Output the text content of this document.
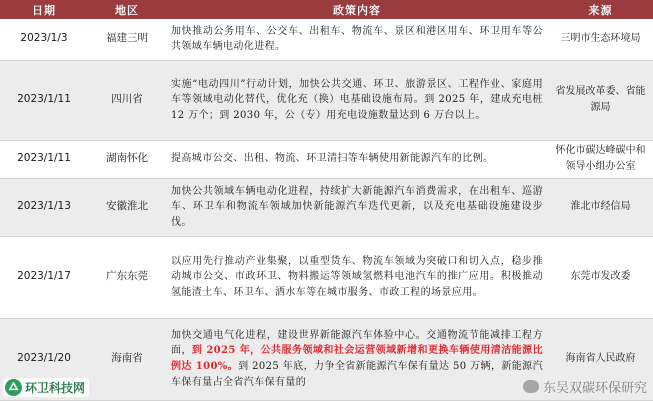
日期	地区	政策内容	来源
2023/1/3	福建三明	加快推动公务用车、公交车、出租车、物流车、景区和港区用车、环卫用车等公共领域车辆电动化进程。	三明市生态环境局
2023/1/11	四川省	实施“电动四川”行动计划，加快公共交通、环卫、旅游景区、工程作业、家庭用车等领域电动化替代，优化充（换）电基础设施布局。到 2025 年，建成充电桩 12 万个；到 2030 年，公（专）用充电设施数量达到 6 万台以上。	省发展改革委、省能源局
2023/1/11	湖南怀化	提高城市公交、出租、物流、环卫清扫等车辆使用新能源汽车的比例。	怀化市碳达峰碳中和领导小组办公室
2023/1/13	安徽淮北	加快公共领域车辆电动化进程，持续扩大新能源汽车消费需求，在出租车、巡游车、环卫车和物流车领域加快新能源汽车迭代更新，以及充电基础设施建设步伐。	淮北市经信局
2023/1/17	广东东莞	以应用先行推动产业集聚，以重型货车、物流车领域为突破口和切入点，稳步推动城市公交、市政环卫、物料搬运等领域氢燃料电池汽车的推广应用。积极推动氢能渣土车、环卫车、洒水车等在城市服务、市政工程的场景应用。	东莞市发改委
2023/1/20	海南省	加快交通电气化进程，建设世界新能源汽车体验中心。交通物流节能减排工程方面，到 2025 年，公共服务领域和社会运营领域新增和更换车辆使用清洁能源比例达 100%。到 2025 年底，力争全省新能源汽车保有量达 50 万辆，新能源汽车保有量占全省汽车保有量的	海南省人民政府
环卫科技网	东吴双碳环保研究
